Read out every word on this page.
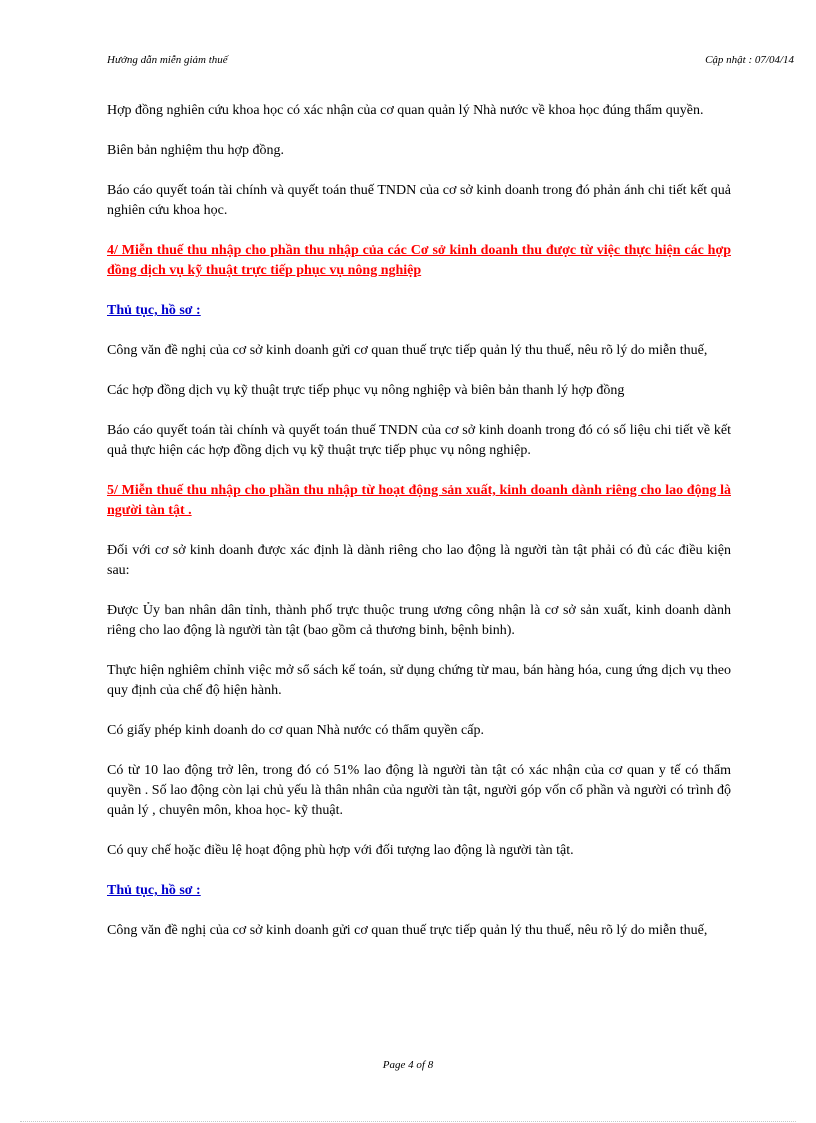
Hướng dẫn miễn giảm thuế	Cập nhật : 07/04/14

Hợp đồng nghiên cứu khoa học có xác nhận của cơ quan quản lý Nhà nước về khoa học đúng thẩm quyền.

Biên bản nghiệm thu hợp đồng.

Báo cáo quyết toán tài chính và quyết toán thuế TNDN của cơ sở kinh doanh trong đó phản ánh chi tiết kết quả nghiên cứu khoa học.

4/ Miễn thuế thu nhập cho phần thu nhập của các Cơ sở kinh doanh thu được từ việc thực hiện các hợp đồng dịch vụ kỹ thuật trực tiếp phục vụ nông nghiệp
Thủ tục, hồ sơ :

Công văn đề nghị của cơ sở kinh doanh gửi cơ quan thuế trực tiếp quản lý thu thuế, nêu rõ lý do miễn thuế,

Các hợp đồng dịch vụ kỹ thuật trực tiếp phục vụ nông nghiệp và biên bản thanh lý hợp đồng

Báo cáo quyết toán tài chính và quyết toán thuế TNDN của cơ sở kinh doanh trong đó có số liệu chi tiết về kết quả thực hiện các hợp đồng dịch vụ kỹ thuật trực tiếp phục vụ nông nghiệp.

5/ Miễn thuế thu nhập cho phần thu nhập từ hoạt động sản xuất, kinh doanh dành riêng cho lao động là người tàn tật .

Đối với cơ sở kinh doanh được xác định là dành riêng cho lao động là người tàn tật phải có đủ các điều kiện sau:

Được Ủy ban nhân dân tỉnh, thành phố trực thuộc trung ương công nhận là cơ sở sản xuất, kinh doanh dành riêng cho lao động là người tàn tật (bao gồm cả thương binh, bệnh binh).

Thực hiện nghiêm chỉnh việc mở sổ sách kế toán, sử dụng chứng từ mau, bán hàng hóa, cung ứng dịch vụ theo quy định của chế độ hiện hành.

Có giấy phép kinh doanh do cơ quan Nhà nước có thẩm quyền cấp.

Có từ 10 lao động trở lên, trong đó có 51% lao động là người tàn tật có xác nhận của cơ quan y tế có thẩm quyền . Số lao động còn lại chủ yếu là thân nhân của người tàn tật, người góp vốn cổ phần và người có trình độ quản lý , chuyên môn, khoa học- kỹ thuật.

Có quy chế hoặc điều lệ hoạt động phù hợp với đối tượng lao động là người tàn tật.

Thủ tục, hồ sơ :

Công văn đề nghị của cơ sở kinh doanh gửi cơ quan thuế trực tiếp quản lý thu thuế, nêu rõ lý do miễn thuế,

Page 4 of 8
